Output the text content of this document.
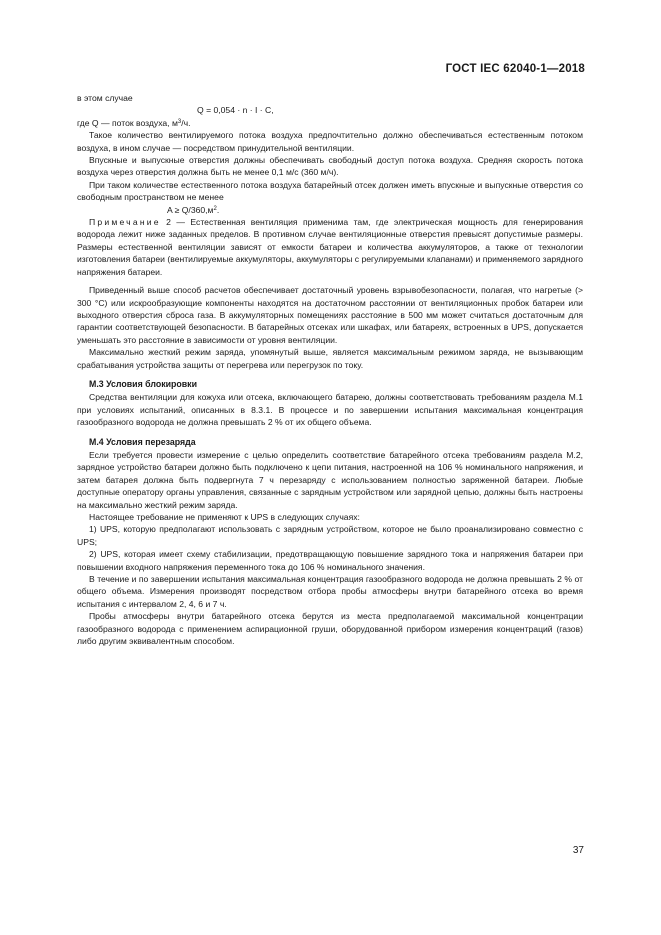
ГОСТ IEC 62040-1—2018

в этом случае

Q = 0,054 · n · I · C,

где Q — поток воздуха, $м^3/ч$.

Такое количество вентилируемого потока воздуха предпочтительно должно обеспечиваться естественным потоком воздуха, в ином случае — посредством принудительной вентиляции.

Впускные и выпускные отверстия должны обеспечивать свободный доступ потока воздуха. Средняя скорость потока воздуха через отверстия должна быть не менее 0,1 м/с (360 м/ч).

При таком количестве естественного потока воздуха батарейный отсек должен иметь впускные и выпускные отверстия со свободным пространством не менее

$A \ge Q/360,м^2$.

Примечание 2 — Естественная вентиляция применима там, где электрическая мощность для генерирования водорода лежит ниже заданных пределов. В противном случае вентиляционные отверстия превысят допустимые размеры. Размеры естественной вентиляции зависят от емкости батареи и количества аккумуляторов, а также от технологии изготовления батареи (вентилируемые аккумуляторы, аккумуляторы с регулируемыми клапанами) и применяемого зарядного напряжения батареи.

Приведенный выше способ расчетов обеспечивает достаточный уровень взрывобезопасности, полагая, что нагретые (> 300 °C) или искрообразующие компоненты находятся на достаточном расстоянии от вентиляционных пробок батареи или выходного отверстия сброса газа. В аккумуляторных помещениях расстояние в 500 мм может считаться достаточным для гарантии соответствующей безопасности. В батарейных отсеках или шкафах, или батареях, встроенных в UPS, допускается уменьшать это расстояние в зависимости от уровня вентиляции.

Максимально жесткий режим заряда, упомянутый выше, является максимальным режимом заряда, не вызывающим срабатывания устройства защиты от перегрева или перегрузок по току.

М.3 Условия блокировки

Средства вентиляции для кожуха или отсека, включающего батарею, должны соответствовать требованиям раздела М.1 при условиях испытаний, описанных в 8.3.1. В процессе и по завершении испытания максимальная концентрация газообразного водорода не должна превышать 2 % от их общего объема.

М.4 Условия перезаряда

Если требуется провести измерение с целью определить соответствие батарейного отсека требованиям раздела М.2, зарядное устройство батареи должно быть подключено к цепи питания, настроенной на 106 % номинального напряжения, и затем батарея должна быть подвергнута 7 ч перезаряду с использованием полностью заряженной батареи. Любые доступные оператору органы управления, связанные с зарядным устройством или зарядной цепью, должны быть настроены на максимально жесткий режим заряда.

Настоящее требование не применяют к UPS в следующих случаях:

1) UPS, которую предполагают использовать с зарядным устройством, которое не было проанализировано совместно с UPS;

2) UPS, которая имеет схему стабилизации, предотвращающую повышение зарядного тока и напряжения батареи при повышении входного напряжения переменного тока до 106 % номинального значения.

В течение и по завершении испытания максимальная концентрация газообразного водорода не должна превышать 2 % от общего объема. Измерения производят посредством отбора пробы атмосферы внутри батарейного отсека во время испытания с интервалом 2, 4, 6 и 7 ч.

Пробы атмосферы внутри батарейного отсека берутся из места предполагаемой максимальной концентрации газообразного водорода с применением аспирационной груши, оборудованной прибором измерения концентраций (газов) либо другим эквивалентным способом.

37
